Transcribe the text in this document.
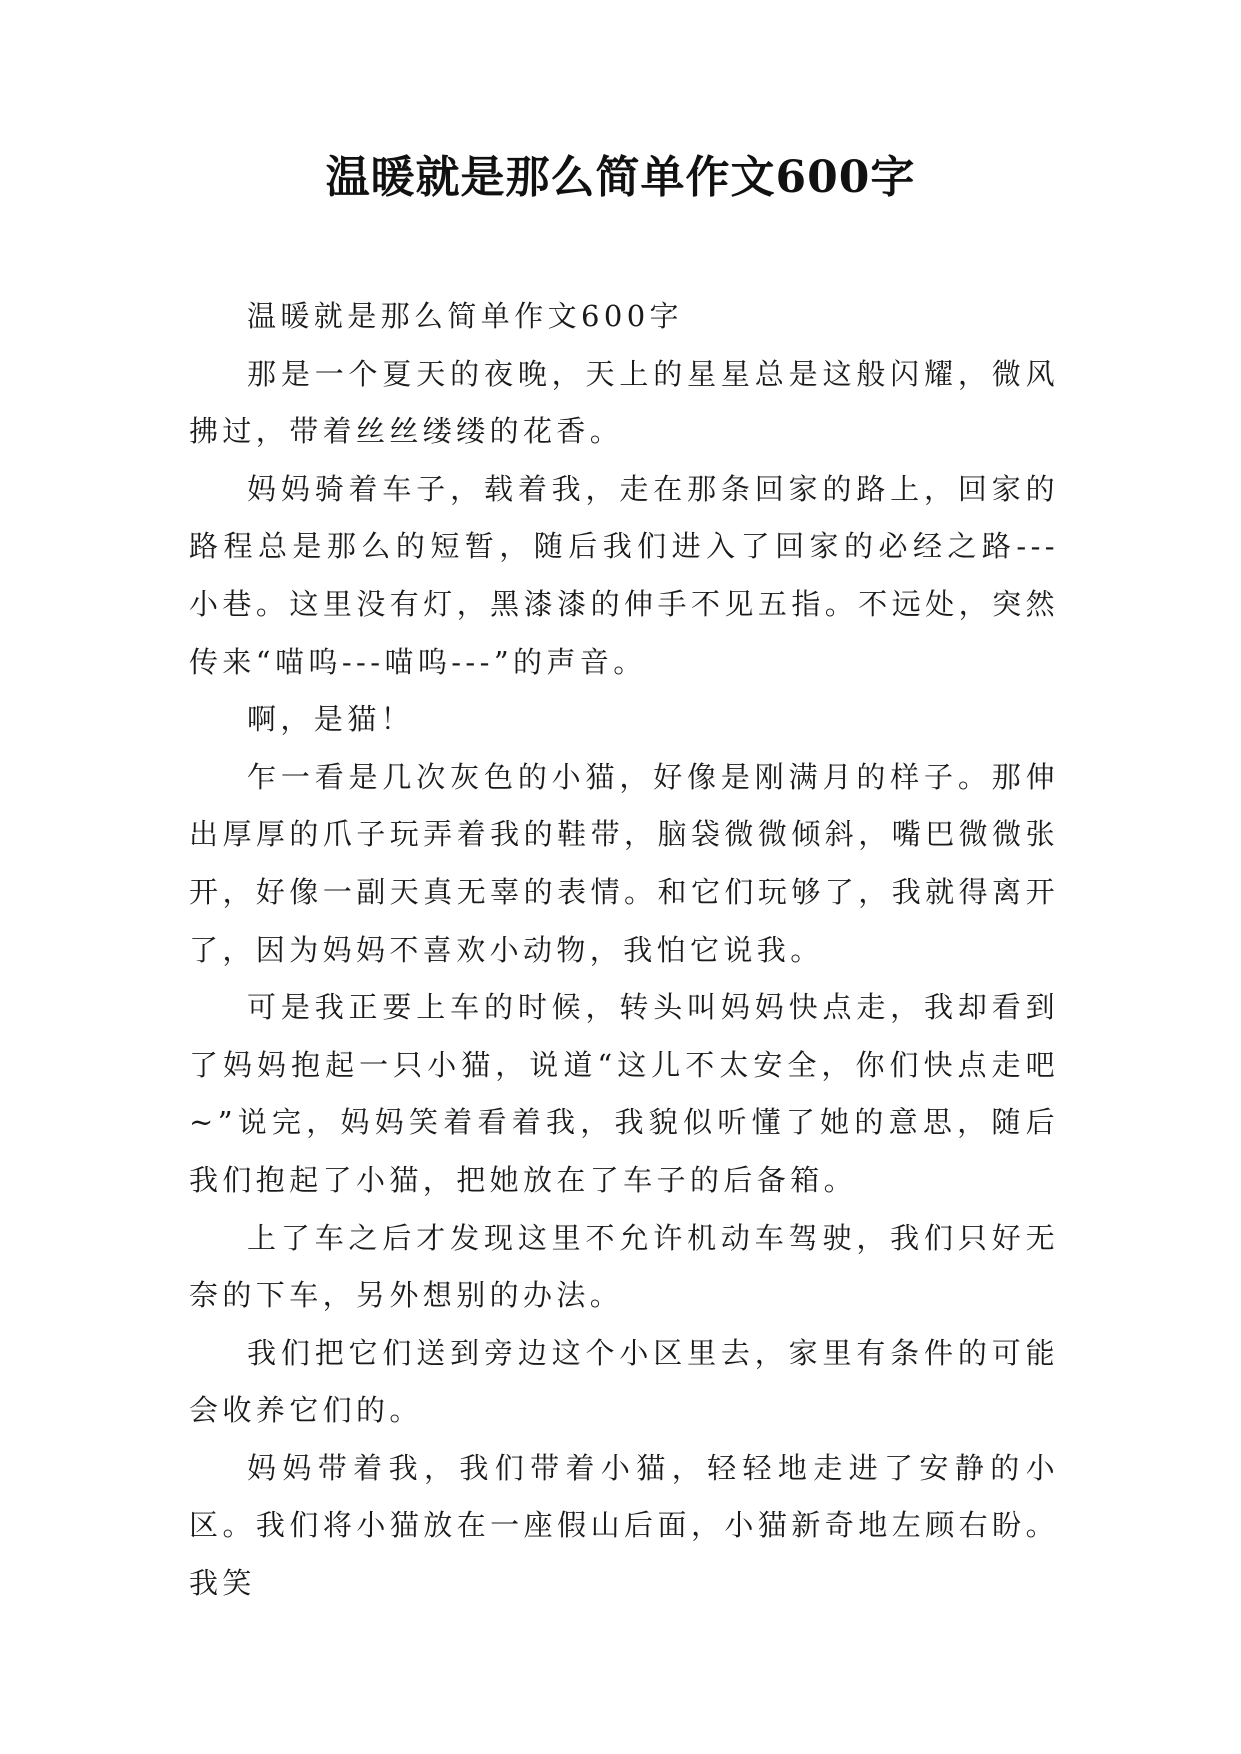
温暖就是那么简单作文600字

温暖就是那么简单作文600字

那是一个夏天的夜晚，天上的星星总是这般闪耀，微风拂过，带着丝丝缕缕的花香。

妈妈骑着车子，载着我，走在那条回家的路上，回家的路程总是那么的短暂，随后我们进入了回家的必经之路---小巷。这里没有灯，黑漆漆的伸手不见五指。不远处，突然传来“喵呜---喵呜---”的声音。

啊，是猫！

乍一看是几次灰色的小猫，好像是刚满月的样子。那伸出厚厚的爪子玩弄着我的鞋带，脑袋微微倾斜，嘴巴微微张开，好像一副天真无辜的表情。和它们玩够了，我就得离开了，因为妈妈不喜欢小动物，我怕它说我。

可是我正要上车的时候，转头叫妈妈快点走，我却看到了妈妈抱起一只小猫，说道“这儿不太安全，你们快点走吧~”说完，妈妈笑着看着我，我貌似听懂了她的意思，随后我们抱起了小猫，把她放在了车子的后备箱。

上了车之后才发现这里不允许机动车驾驶，我们只好无奈的下车，另外想别的办法。

我们把它们送到旁边这个小区里去，家里有条件的可能会收养它们的。

妈妈带着我，我们带着小猫，轻轻地走进了安静的小区。我们将小猫放在一座假山后面，小猫新奇地左顾右盼。我笑
